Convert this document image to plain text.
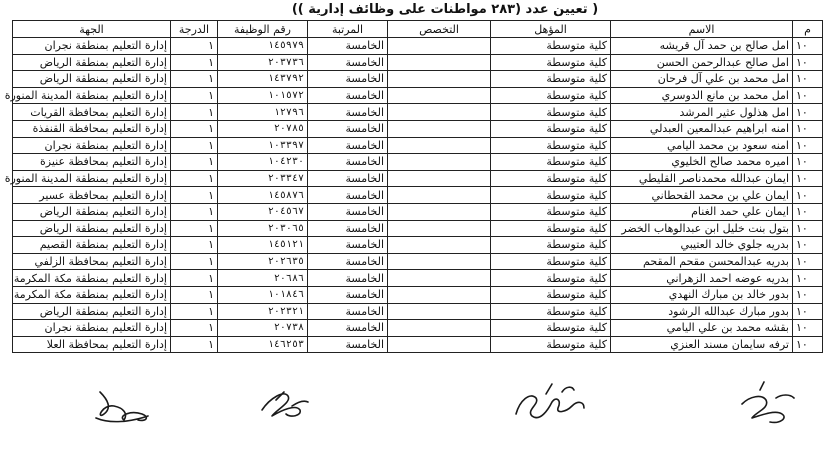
( تعيين عدد (٢٨٣ مواطنات على وظائف إدارية ))
م	الاسم	المؤهل	التخصص	المرتبة	رقم الوظيفة	الدرجة	الجهة
١٠	امل صالح بن حمد آل قريشه	كلية متوسطة		الخامسة	١٤٥٩٧٩	١	إدارة التعليم بمنطقة نجران
١٠	امل صالح عبدالرحمن الحسن	كلية متوسطة		الخامسة	٢٠٣٧٣٦	١	إدارة التعليم بمنطقة الرياض
١٠	امل محمد بن علي آل فرحان	كلية متوسطة		الخامسة	١٤٣٧٩٢	١	إدارة التعليم بمنطقة الرياض
١٠	امل محمد بن مانع الدوسري	كلية متوسطة		الخامسة	١٠١٥٧٢	١	إدارة التعليم بمنطقة المدينة المنورة
١٠	امل هذلول عثير المرشد	كلية متوسطة		الخامسة	١٢٧٩٦	١	إدارة التعليم بمحافظة القريات
١٠	امنه ابراهيم عبدالمعين العبدلي	كلية متوسطة		الخامسة	٢٠٧٨٥	١	إدارة التعليم بمحافظة القنفذة
١٠	امنه سعود بن محمد اليامي	كلية متوسطة		الخامسة	١٠٣٣٩٧	١	إدارة التعليم بمنطقة نجران
١٠	اميره محمد صالح الخليوي	كلية متوسطة		الخامسة	١٠٤٢٣٠	١	إدارة التعليم بمحافظة عنيزة
١٠	ايمان عبدالله محمدناصر القليطي	كلية متوسطة		الخامسة	٢٠٣٣٤٧	١	إدارة التعليم بمنطقة المدينة المنورة
١٠	ايمان علي بن محمد القحطاني	كلية متوسطة		الخامسة	١٤٥٨٧٦	١	إدارة التعليم بمحافظة عسير
١٠	ايمان علي حمد الغنام	كلية متوسطة		الخامسة	٢٠٤٥٦٧	١	إدارة التعليم بمنطقة الرياض
١٠	بتول بنت خليل ابن عبدالوهاب الخضر	كلية متوسطة		الخامسة	٢٠٣٠٦٥	١	إدارة التعليم بمنطقة الرياض
١٠	بدريه جلوي خالد العتيبي	كلية متوسطة		الخامسة	١٤٥١٢١	١	إدارة التعليم بمنطقة القصيم
١٠	بدريه عبدالمحسن مقحم المقحم	كلية متوسطة		الخامسة	٢٠٢٦٣٥	١	إدارة التعليم بمحافظة الزلفي
١٠	بدريه عوضه احمد الزهراني	كلية متوسطة		الخامسة	٢٠٦٨٦	١	إدارة التعليم بمنطقة مكة المكرمة
١٠	بدور خالد بن مبارك النهدي	كلية متوسطة		الخامسة	١٠١٨٤٦	١	إدارة التعليم بمنطقة مكة المكرمة
١٠	بدور مبارك عبدالله الرشود	كلية متوسطة		الخامسة	٢٠٢٣٢١	١	إدارة التعليم بمنطقة الرياض
١٠	بقشه محمد بن علي اليامي	كلية متوسطة		الخامسة	٢٠٧٣٨	١	إدارة التعليم بمنطقة نجران
١٠	ترفه سايمان مسند العنزي	كلية متوسطة		الخامسة	١٤٦٢٥٣	١	إدارة التعليم بمحافظة العلا
